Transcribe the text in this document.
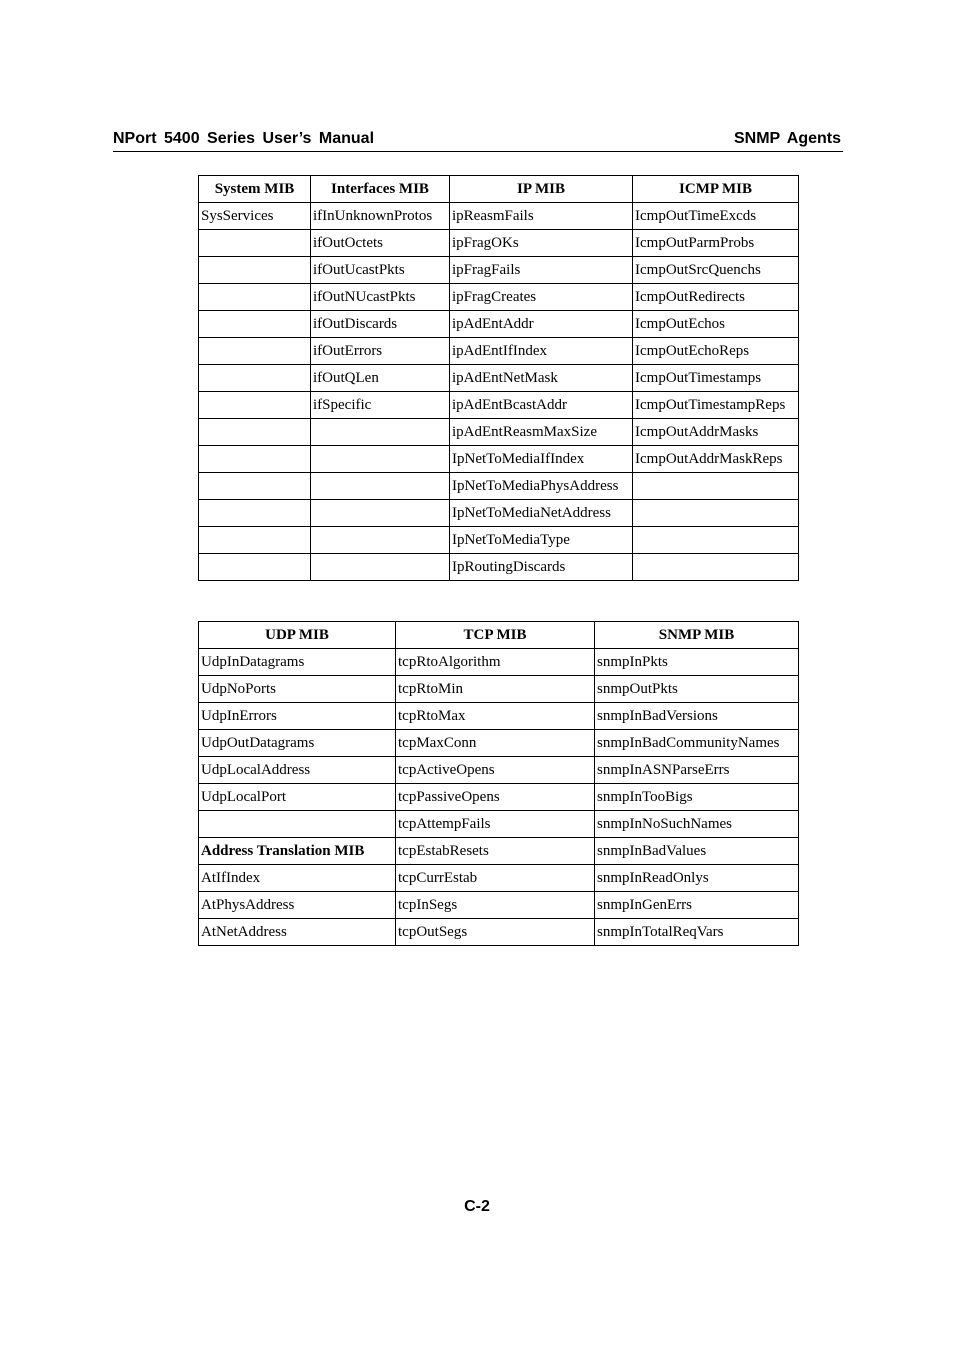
NPort 5400 Series User’s Manual	SNMP Agents
System MIB	Interfaces MIB	IP MIB	ICMP MIB
SysServices	ifInUnknownProtos	ipReasmFails	IcmpOutTimeExcds
	ifOutOctets	ipFragOKs	IcmpOutParmProbs
	ifOutUcastPkts	ipFragFails	IcmpOutSrcQuenchs
	ifOutNUcastPkts	ipFragCreates	IcmpOutRedirects
	ifOutDiscards	ipAdEntAddr	IcmpOutEchos
	ifOutErrors	ipAdEntIfIndex	IcmpOutEchoReps
	ifOutQLen	ipAdEntNetMask	IcmpOutTimestamps
	ifSpecific	ipAdEntBcastAddr	IcmpOutTimestampReps
		ipAdEntReasmMaxSize	IcmpOutAddrMasks
		IpNetToMediaIfIndex	IcmpOutAddrMaskReps
		IpNetToMediaPhysAddress	
		IpNetToMediaNetAddress	
		IpNetToMediaType	
		IpRoutingDiscards	
UDP MIB	TCP MIB	SNMP MIB
UdpInDatagrams	tcpRtoAlgorithm	snmpInPkts
UdpNoPorts	tcpRtoMin	snmpOutPkts
UdpInErrors	tcpRtoMax	snmpInBadVersions
UdpOutDatagrams	tcpMaxConn	snmpInBadCommunityNames
UdpLocalAddress	tcpActiveOpens	snmpInASNParseErrs
UdpLocalPort	tcpPassiveOpens	snmpInTooBigs
	tcpAttempFails	snmpInNoSuchNames
Address Translation MIB	tcpEstabResets	snmpInBadValues
AtIfIndex	tcpCurrEstab	snmpInReadOnlys
AtPhysAddress	tcpInSegs	snmpInGenErrs
AtNetAddress	tcpOutSegs	snmpInTotalReqVars
C-2
